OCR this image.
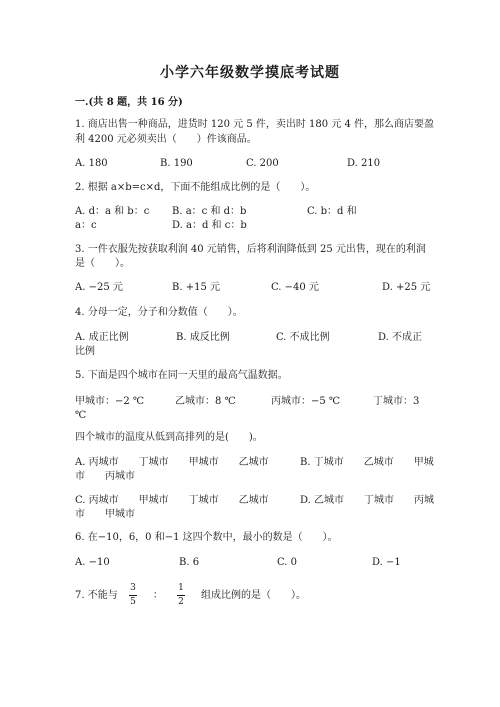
小学六年级数学摸底考试题
一.(共 8 题，共 16 分)
1. 商店出售一种商品，进货时 120 元 5 件，卖出时 180 元 4 件，那么商店要盈
利 4200 元必须卖出（　　）件该商品。
A. 180	B. 190	C. 200	D. 210
2. 根据 a×b=c×d，下面不能组成比例的是（　　）。
A. d：a 和 b：c B. a：c 和 d：b	C. b：d 和
a：c	D. a：d 和 c：b
3. 一件衣服先按获取利润 40 元销售，后将利润降低到 25 元出售，现在的利润
是（　　）。
A. −25 元	B. +15 元	C. −40 元	D. +25 元
4. 分母一定，分子和分数值（　　）。
A. 成正比例	B. 成反比例	C. 不成比例	D. 不成正
比例
5. 下面是四个城市在同一天里的最高气温数据。
甲城市：−2 ℃	乙城市：8 ℃	丙城市：−5 ℃	丁城市：3
℃
四个城市的温度从低到高排列的是(　　)。
A. 丙城市　　丁城市　　甲城市　　乙城市	B. 丁城市　　乙城市　　甲城
市　　丙城市
C. 丙城市　　甲城市　　丁城市　　乙城市	D. 乙城市　　丁城市　　丙城
市　　甲城市
6. 在−10，6，0 和−1 这四个数中，最小的数是（　　）。
A. −10	B. 6	C. 0	D. −1
7. 不能与
3
5
：
1
2
组成比例的是（　　）。
